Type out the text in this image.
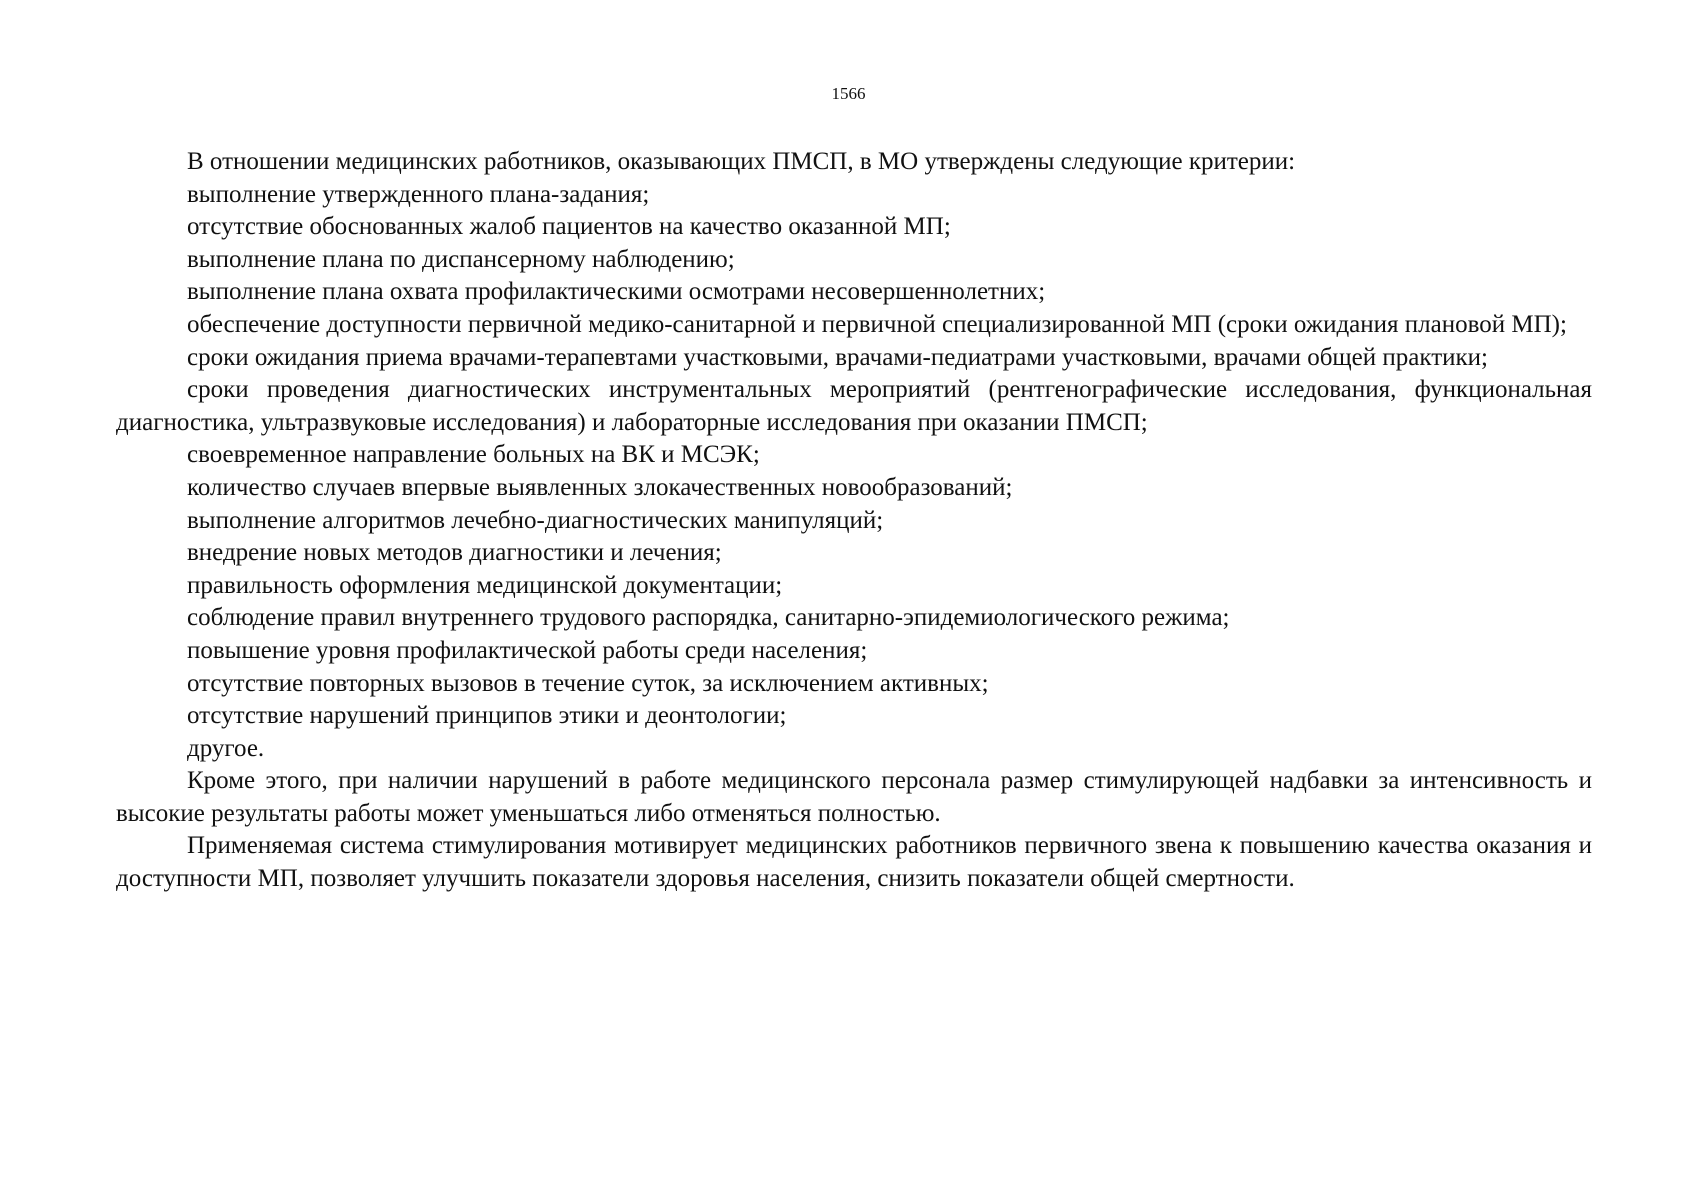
1566

В отношении медицинских работников, оказывающих ПМСП, в МО утверждены следующие критерии:

выполнение утвержденного плана-задания;

отсутствие обоснованных жалоб пациентов на качество оказанной МП;

выполнение плана по диспансерному наблюдению;

выполнение плана охвата профилактическими осмотрами несовершеннолетних;

обеспечение доступности первичной медико-санитарной и первичной специализированной МП (сроки ожидания плановой МП);

сроки ожидания приема врачами-терапевтами участковыми, врачами-педиатрами участковыми, врачами общей практики;

сроки проведения диагностических инструментальных мероприятий (рентгенографические исследования, функциональная диагностика, ультразвуковые исследования) и лабораторные исследования при оказании ПМСП;

своевременное направление больных на ВК и МСЭК;

количество случаев впервые выявленных злокачественных новообразований;

выполнение алгоритмов лечебно-диагностических манипуляций;

внедрение новых методов диагностики и лечения;

правильность оформления медицинской документации;

соблюдение правил внутреннего трудового распорядка, санитарно-эпидемиологического режима;

повышение уровня профилактической работы среди населения;

отсутствие повторных вызовов в течение суток, за исключением активных;

отсутствие нарушений принципов этики и деонтологии;

другое.

Кроме этого, при наличии нарушений в работе медицинского персонала размер стимулирующей надбавки за интенсивность и высокие результаты работы может уменьшаться либо отменяться полностью.

Применяемая система стимулирования мотивирует медицинских работников первичного звена к повышению качества оказания и доступности МП, позволяет улучшить показатели здоровья населения, снизить показатели общей смертности.
